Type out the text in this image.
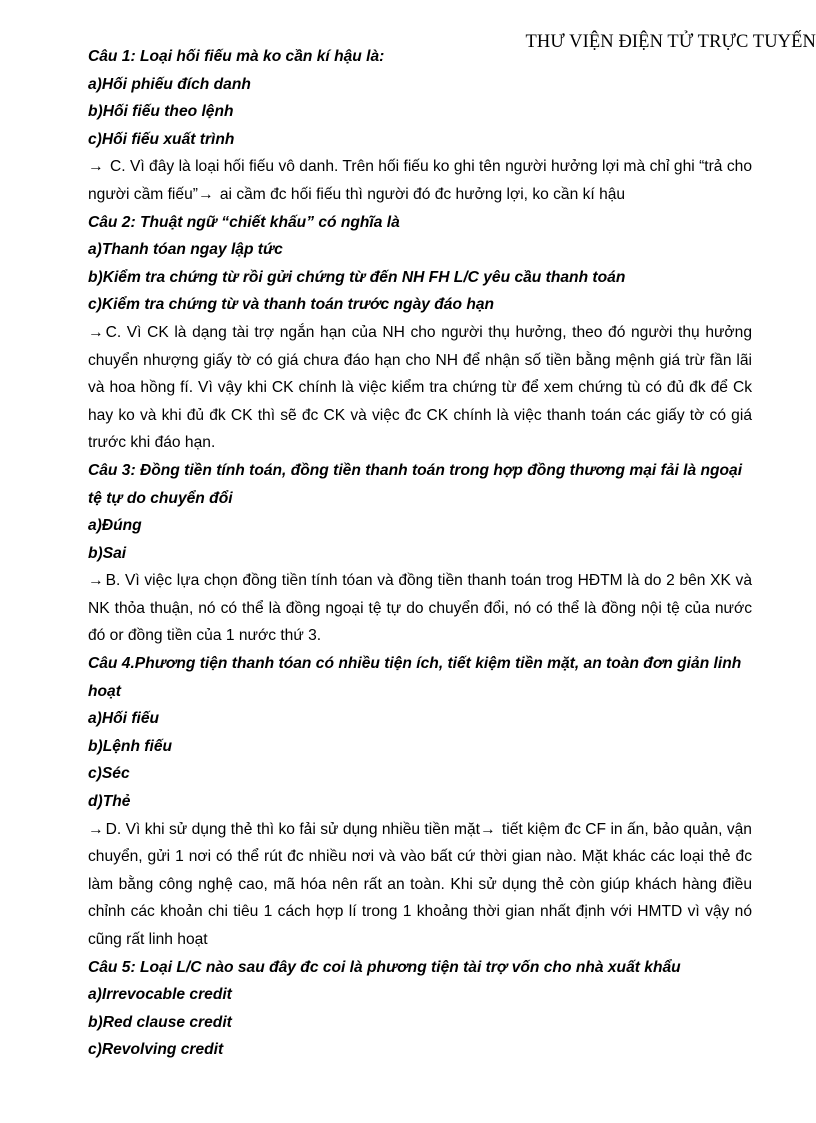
THƯ VIỆN ĐIỆN TỬ TRỰC TUYẾN

Câu 1: Loại hối fiếu mà ko cần kí hậu là:

a)Hối phiếu đích danh

b)Hối fiếu theo lệnh

c)Hối fiếu xuất trình

→ C. Vì đây là loại hối fiếu vô danh. Trên hối fiếu ko ghi tên người hưởng lợi mà chỉ ghi “trả cho người cầm fiếu”→ ai cầm đc hối fiếu thì người đó đc hưởng lợi, ko cần kí hậu

Câu 2: Thuật ngữ “chiết khấu” có nghĩa là

a)Thanh tóan ngay lập tức

b)Kiểm tra chứng từ rồi gửi chứng từ đến NH FH L/C yêu cầu thanh toán

c)Kiểm tra chứng từ và thanh toán trước ngày đáo hạn

→ C. Vì CK là dạng tài trợ ngắn hạn của NH cho người thụ hưởng, theo đó người thụ hưởng chuyển nhượng giấy tờ có giá chưa đáo hạn cho NH để nhận số tiền bằng mệnh giá trừ fần lãi và hoa hồng fí. Vì vậy khi CK chính là việc kiểm tra chứng từ để xem chứng tù có đủ đk để Ck hay ko và khi đủ đk CK thì sẽ đc CK và việc đc CK chính là việc thanh toán các giấy tờ có giá trước khi đáo hạn.

Câu 3: Đồng tiền tính toán, đồng tiền thanh toán trong hợp đồng thương mại fải là ngoại tệ tự do chuyển đổi

a)Đúng

b)Sai

→ B. Vì việc lựa chọn đồng tiền tính tóan và đồng tiền thanh toán trog HĐTM là do 2 bên XK và NK thỏa thuận, nó có thể là đồng ngoại tệ tự do chuyển đổi, nó có thể là đồng nội tệ của nước đó or đồng tiền của 1 nước thứ 3.

Câu 4.Phương tiện thanh tóan có nhiều tiện ích, tiết kiệm tiền mặt, an toàn đơn giản linh hoạt

a)Hối fiếu

b)Lệnh fiếu

c)Séc

d)Thẻ

→ D. Vì khi sử dụng thẻ thì ko fải sử dụng nhiều tiền mặt→ tiết kiệm đc CF in ấn, bảo quản, vận chuyển, gửi 1 nơi có thể rút đc nhiều nơi và vào bất cứ thời gian nào. Mặt khác các loại thẻ đc làm bằng công nghệ cao, mã hóa nên rất an toàn. Khi sử dụng thẻ còn giúp khách hàng điều chỉnh các khoản chi tiêu 1 cách hợp lí trong 1 khoảng thời gian nhất định với HMTD vì vậy nó cũng rất linh hoạt

Câu 5: Loại L/C nào sau đây đc coi là phương tiện tài trợ vốn cho nhà xuất khẩu

a)Irrevocable credit

b)Red clause credit

c)Revolving credit
